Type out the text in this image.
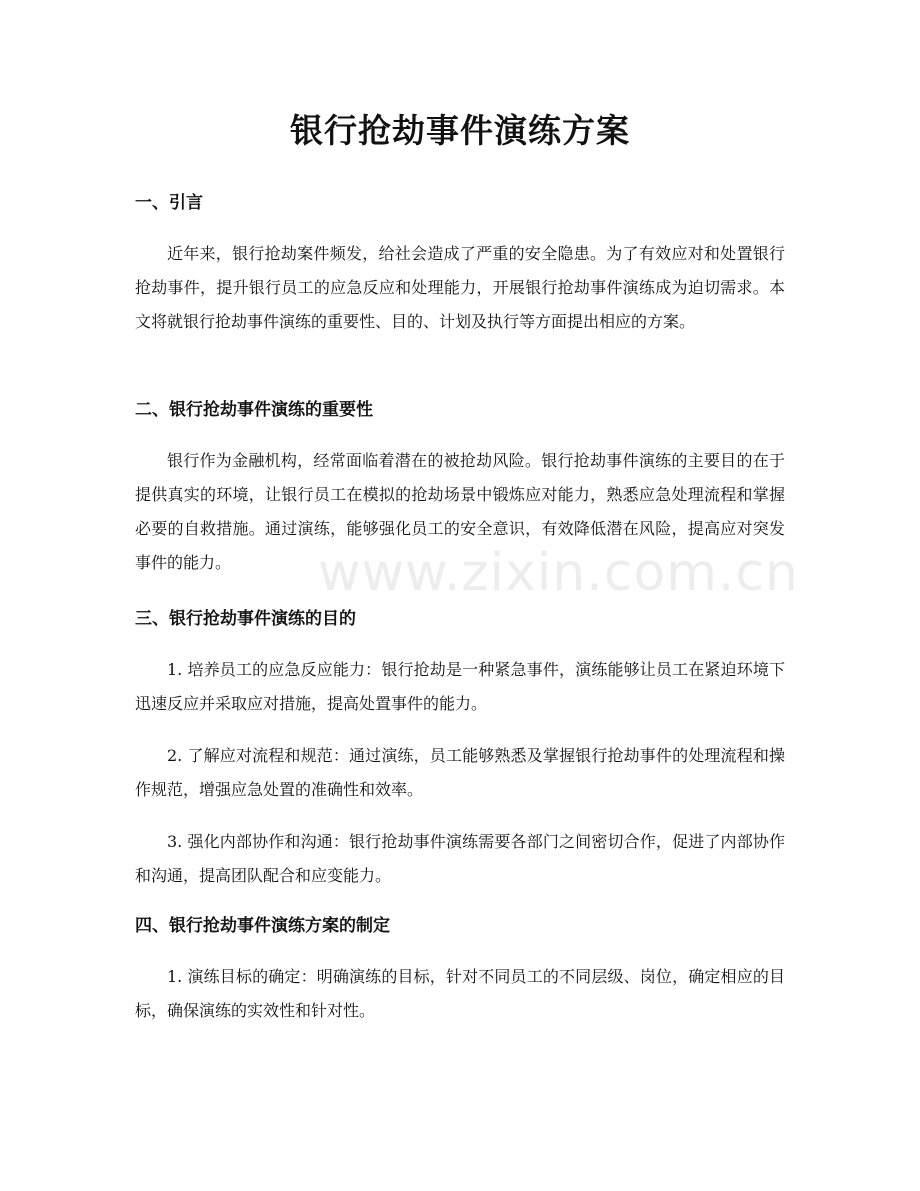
www.zixin.com.cn
银行抢劫事件演练方案
一、引言

近年来，银行抢劫案件频发，给社会造成了严重的安全隐患。为了有效应对和处置银行抢劫事件，提升银行员工的应急反应和处理能力，开展银行抢劫事件演练成为迫切需求。本文将就银行抢劫事件演练的重要性、目的、计划及执行等方面提出相应的方案。

二、银行抢劫事件演练的重要性

银行作为金融机构，经常面临着潜在的被抢劫风险。银行抢劫事件演练的主要目的在于提供真实的环境，让银行员工在模拟的抢劫场景中锻炼应对能力，熟悉应急处理流程和掌握必要的自救措施。通过演练，能够强化员工的安全意识，有效降低潜在风险，提高应对突发事件的能力。

三、银行抢劫事件演练的目的

1. 培养员工的应急反应能力：银行抢劫是一种紧急事件，演练能够让员工在紧迫环境下迅速反应并采取应对措施，提高处置事件的能力。

2. 了解应对流程和规范：通过演练，员工能够熟悉及掌握银行抢劫事件的处理流程和操作规范，增强应急处置的准确性和效率。

3. 强化内部协作和沟通：银行抢劫事件演练需要各部门之间密切合作，促进了内部协作和沟通，提高团队配合和应变能力。

四、银行抢劫事件演练方案的制定

1. 演练目标的确定：明确演练的目标，针对不同员工的不同层级、岗位，确定相应的目标，确保演练的实效性和针对性。
